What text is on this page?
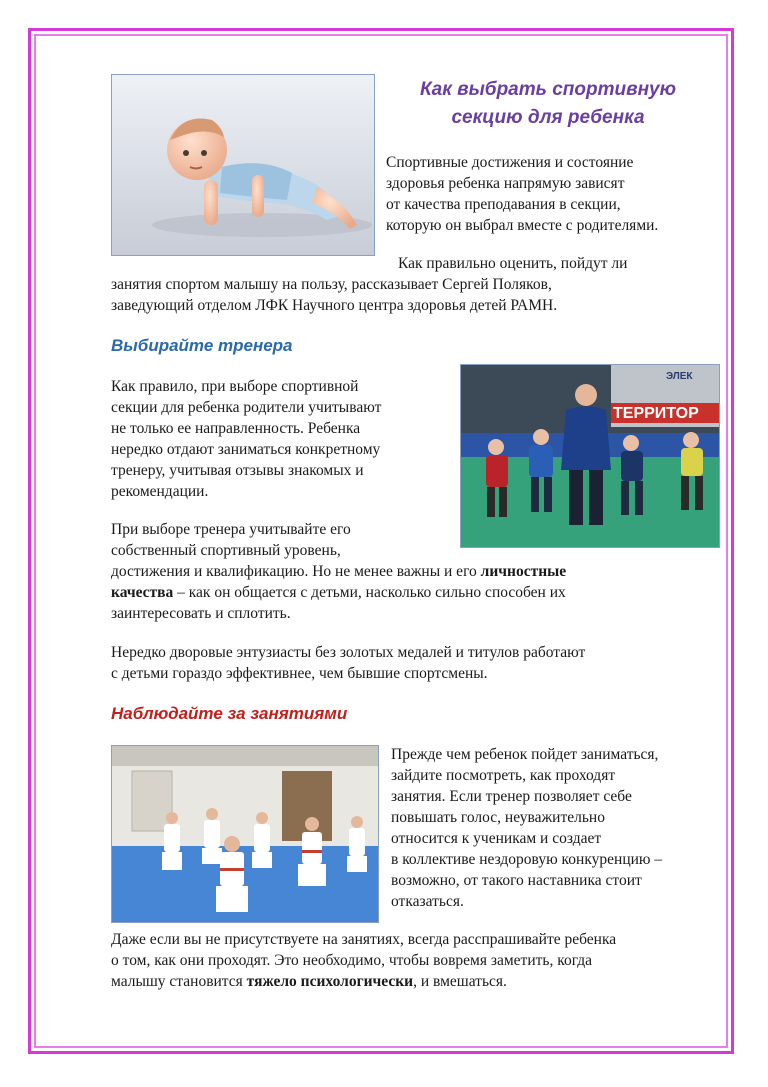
Как выбрать спортивную
секцию для ребенка
Спортивные достижения и состояние
здоровья ребенка напрямую зависят
от качества преподавания в секции,
которую он выбрал вместе с родителями.
Как правильно оценить, пойдут ли
занятия спортом малышу на пользу, рассказывает Сергей Поляков,
заведующий отделом ЛФК Научного центра здоровья детей РАМН.
Выбирайте тренера
Как правило, при выборе спортивной
секции для ребенка родители учитывают
не только ее направленность. Ребенка
нередко отдают заниматься конкретному
тренеру, учитывая отзывы знакомых и
рекомендации.
ЭЛЕК
ТЕРРИТОР
При выборе тренера учитывайте его
собственный спортивный уровень,
достижения и квалификацию. Но не менее важны и его личностные
качества – как он общается с детьми, насколько сильно способен их
заинтересовать и сплотить.
Нередко дворовые энтузиасты без золотых медалей и титулов работают
с детьми гораздо эффективнее, чем бывшие спортсмены.
Наблюдайте за занятиями
Прежде чем ребенок пойдет заниматься,
зайдите посмотреть, как проходят
занятия. Если тренер позволяет себе
повышать голос, неуважительно
относится к ученикам и создает
в коллективе нездоровую конкуренцию –
возможно, от такого наставника стоит
отказаться.
Даже если вы не присутствуете на занятиях, всегда расспрашивайте ребенка
о том, как они проходят. Это необходимо, чтобы вовремя заметить, когда
малышу становится тяжело психологически, и вмешаться.
